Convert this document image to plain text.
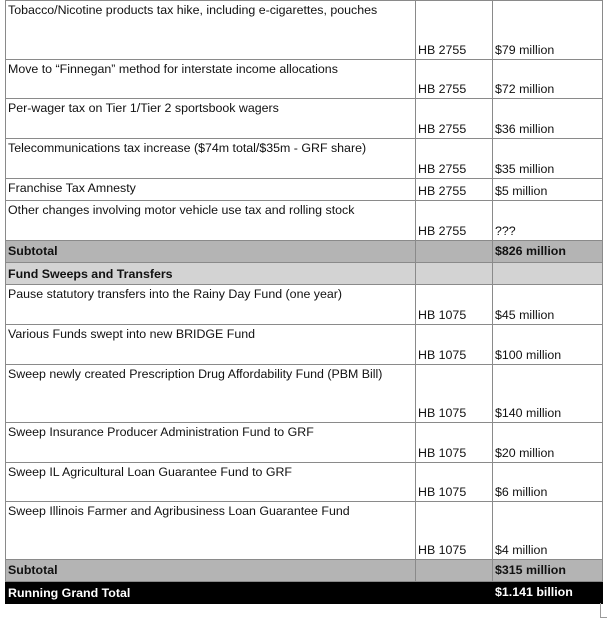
Tobacco/Nicotine products tax hike, including e-cigarettes, pouches	HB 2755	$79 million
Move to “Finnegan” method for interstate income allocations	HB 2755	$72 million
Per-wager tax on Tier 1/Tier 2 sportsbook wagers	HB 2755	$36 million
Telecommunications tax increase ($74m total/$35m - GRF share)	HB 2755	$35 million
Franchise Tax Amnesty	HB 2755	$5 million
Other changes involving motor vehicle use tax and rolling stock	HB 2755	???
Subtotal		$826 million
Fund Sweeps and Transfers		
Pause statutory transfers into the Rainy Day Fund (one year)	HB 1075	$45 million
Various Funds swept into new BRIDGE Fund	HB 1075	$100 million
Sweep newly created Prescription Drug Affordability Fund (PBM Bill)	HB 1075	$140 million
Sweep Insurance Producer Administration Fund to GRF	HB 1075	$20 million
Sweep IL Agricultural Loan Guarantee Fund to GRF	HB 1075	$6 million
Sweep Illinois Farmer and Agribusiness Loan Guarantee Fund	HB 1075	$4 million
Subtotal		$315 million
Running Grand Total		$1.141 billion
